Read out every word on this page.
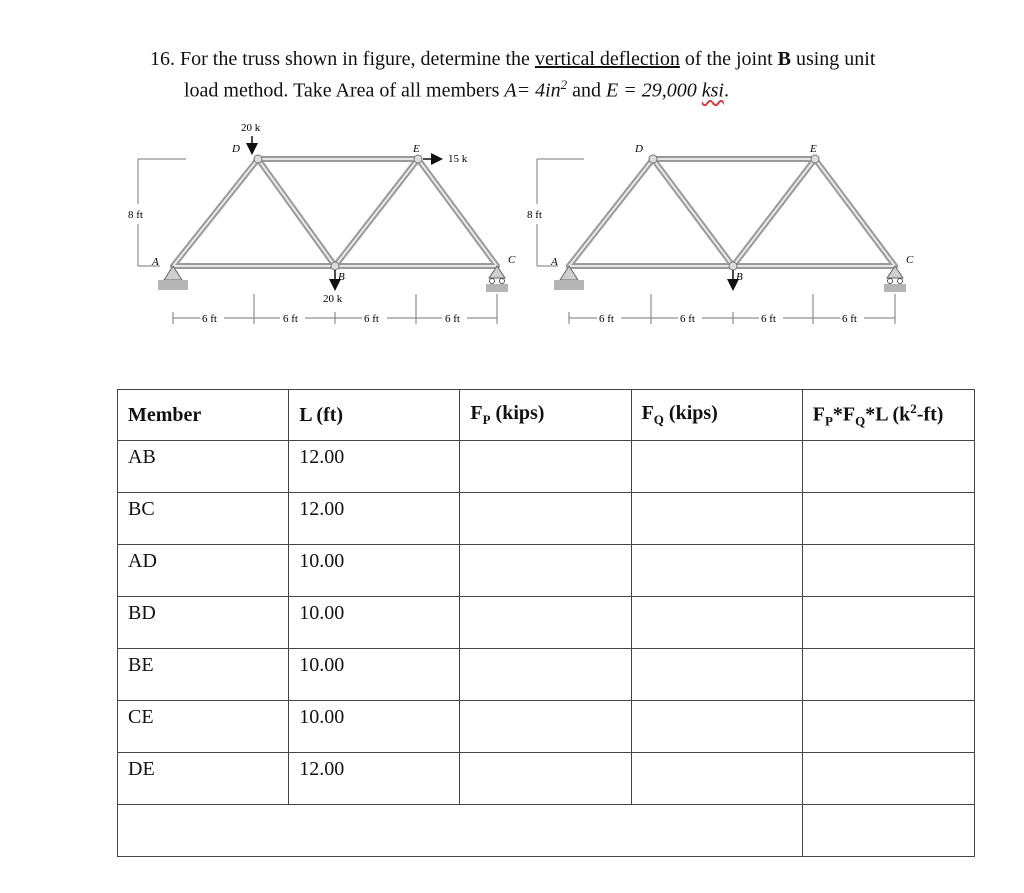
16. For the truss shown in figure, determine the vertical deflection of the joint B using unit
load method. Take Area of all members $A= 4in^2$ and E = 29,000 ksi.
D	E
A
B
C
20 k
15 k
20 k
8 ft
6 ft	6 ft	6 ft	6 ft
D	E
A
B
C
8 ft
6 ft	6 ft	6 ft	6 ft
Member	L (ft)	$F_P$ (kips)	$F_Q$ (kips)	$F_P*F_Q*L$ $(k^2-ft)$
AB	12.00			
BC	12.00			
AD	10.00			
BD	10.00			
BE	10.00			
CE	10.00			
DE	12.00			
